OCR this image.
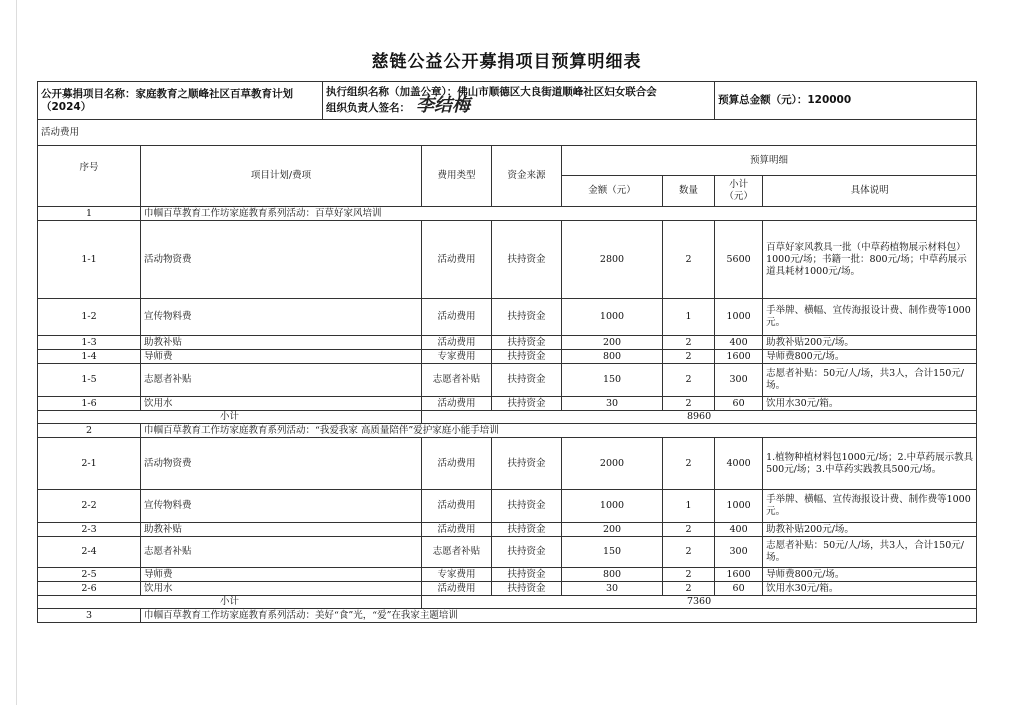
慈链公益公开募捐项目预算明细表
公开募捐项目名称：家庭教育之顺峰社区百草教育计划（2024）		执行组织名称（加盖公章）：佛山市顺德区大良街道顺峰社区妇女联合会
组织负责人签名： 李结梅					预算总金额（元）：120000	
活动费用								
序号	项目计划/费项		费用类型	资金来源	预算明细			
					金额（元）	数量	小计（元）	具体说明
1	巾帼百草教育工作坊家庭教育系列活动：百草好家风培训							
1-1	活动物资费		活动费用	扶持资金	2800	2	5600	百草好家风教具一批（中草药植物展示材料包）1000元/场；书籍一批：800元/场；中草药展示道具耗材1000元/场。
1-2	宣传物料费		活动费用	扶持资金	1000	1	1000	手举牌、横幅、宣传海报设计费、制作费等1000元。
1-3	助教补贴		活动费用	扶持资金	200	2	400	助教补贴200元/场。
1-4	导师费		专家费用	扶持资金	800	2	1600	导师费800元/场。
1-5	志愿者补贴		志愿者补贴	扶持资金	150	2	300	志愿者补贴：50元/人/场，共3人，合计150元/场。
1-6	饮用水		活动费用	扶持资金	30	2	60	饮用水30元/箱。
小计			8960					
2	巾帼百草教育工作坊家庭教育系列活动：“我爱我家 高质量陪伴”爱护家庭小能手培训							
2-1	活动物资费		活动费用	扶持资金	2000	2	4000	1.植物种植材料包1000元/场；2.中草药展示教具500元/场；3.中草药实践教具500元/场。
2-2	宣传物料费		活动费用	扶持资金	1000	1	1000	手举牌、横幅、宣传海报设计费、制作费等1000元。
2-3	助教补贴		活动费用	扶持资金	200	2	400	助教补贴200元/场。
2-4	志愿者补贴		志愿者补贴	扶持资金	150	2	300	志愿者补贴：50元/人/场，共3人，合计150元/场。
2-5	导师费		专家费用	扶持资金	800	2	1600	导师费800元/场。
2-6	饮用水		活动费用	扶持资金	30	2	60	饮用水30元/箱。
小计			7360					
3	巾帼百草教育工作坊家庭教育系列活动：美好“食”光，“爱”在我家主题培训							
